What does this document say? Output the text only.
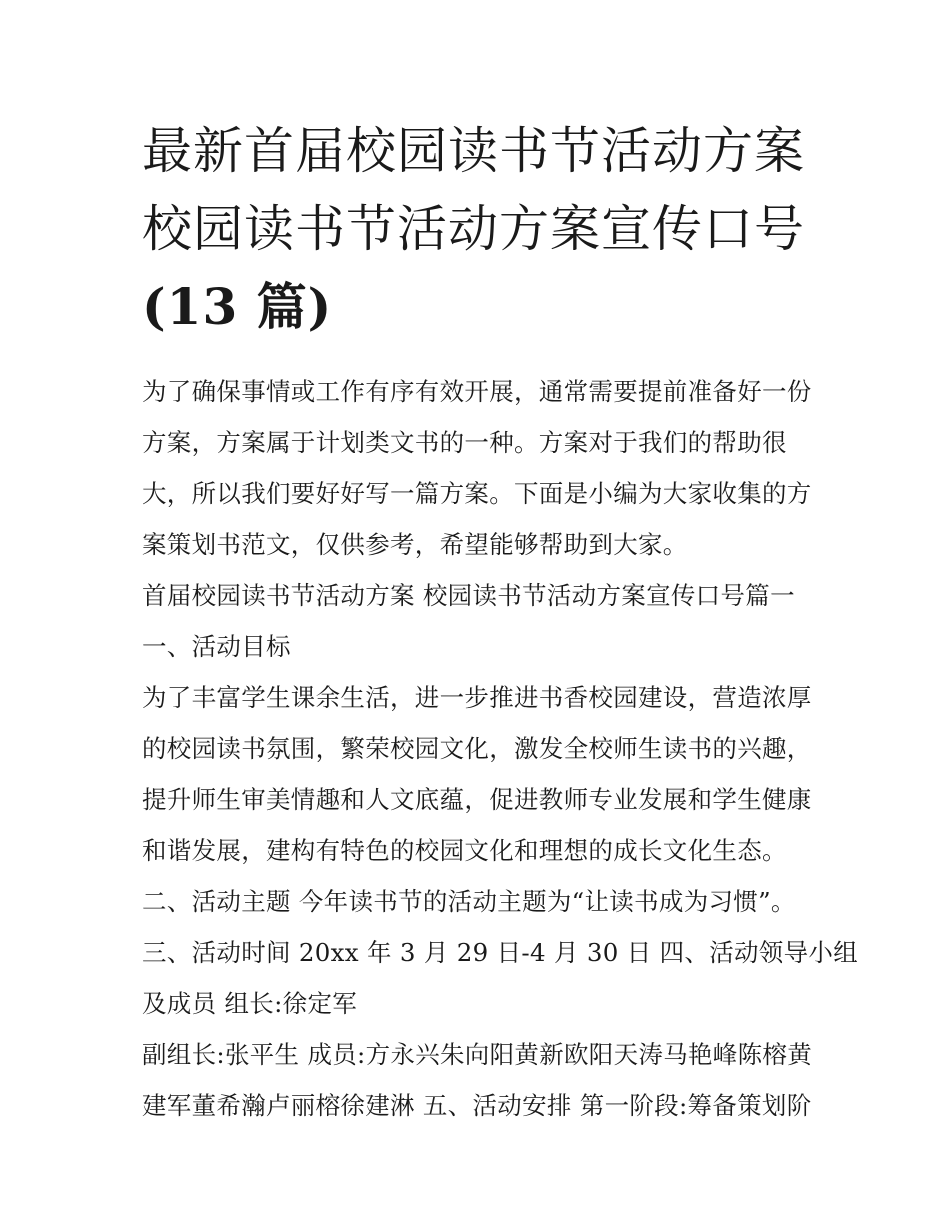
最新首届校园读书节活动方案
校园读书节活动方案宣传口号
(13 篇)

为了确保事情或工作有序有效开展，通常需要提前准备好一份
方案，方案属于计划类文书的一种。方案对于我们的帮助很
大，所以我们要好好写一篇方案。下面是小编为大家收集的方
案策划书范文，仅供参考，希望能够帮助到大家。

首届校园读书节活动方案 校园读书节活动方案宣传口号篇一

一、活动目标

为了丰富学生课余生活，进一步推进书香校园建设，营造浓厚
的校园读书氛围，繁荣校园文化，激发全校师生读书的兴趣，
提升师生审美情趣和人文底蕴，促进教师专业发展和学生健康
和谐发展，建构有特色的校园文化和理想的成长文化生态。

二、活动主题 今年读书节的活动主题为“让读书成为习惯”。

三、活动时间 20xx 年 3 月 29 日-4 月 30 日 四、活动领导小组
及成员 组长:徐定军

副组长:张平生 成员:方永兴朱向阳黄新欧阳天涛马艳峰陈榕黄
建军董希瀚卢丽榕徐建淋 五、活动安排 第一阶段:筹备策划阶
